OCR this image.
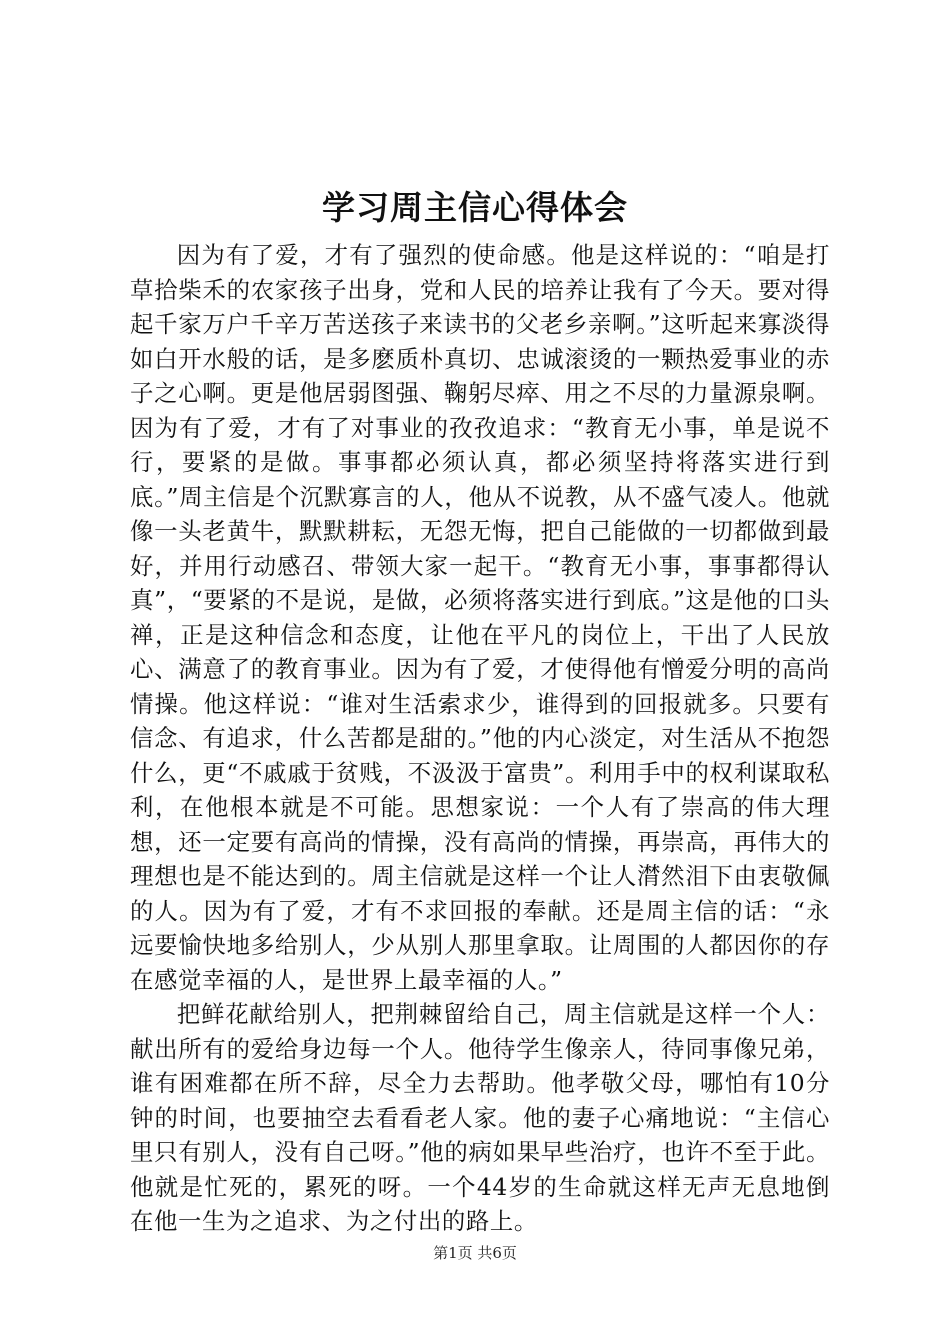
学习周主信心得体会

因为有了爱，才有了强烈的使命感。他是这样说的：“咱是打草拾柴禾的农家孩子出身，党和人民的培养让我有了今天。要对得起千家万户千辛万苦送孩子来读书的父老乡亲啊。”这听起来寡淡得如白开水般的话，是多麽质朴真切、忠诚滚烫的一颗热爱事业的赤子之心啊。更是他居弱图强、鞠躬尽瘁、用之不尽的力量源泉啊。因为有了爱，才有了对事业的孜孜追求：“教育无小事，单是说不行，要紧的是做。事事都必须认真，都必须坚持将落实进行到底。”周主信是个沉默寡言的人，他从不说教，从不盛气凌人。他就像一头老黄牛，默默耕耘，无怨无悔，把自己能做的一切都做到最好，并用行动感召、带领大家一起干。“教育无小事，事事都得认真”，“要紧的不是说，是做，必须将落实进行到底。”这是他的口头禅，正是这种信念和态度，让他在平凡的岗位上，干出了人民放心、满意了的教育事业。因为有了爱，才使得他有憎爱分明的高尚情操。他这样说：“谁对生活索求少，谁得到的回报就多。只要有信念、有追求，什么苦都是甜的。”他的内心淡定，对生活从不抱怨什么，更“不戚戚于贫贱，不汲汲于富贵”。利用手中的权利谋取私利，在他根本就是不可能。思想家说：一个人有了崇高的伟大理想，还一定要有高尚的情操，没有高尚的情操，再崇高，再伟大的理想也是不能达到的。周主信就是这样一个让人潸然泪下由衷敬佩的人。因为有了爱，才有不求回报的奉献。还是周主信的话：“永远要愉快地多给别人，少从别人那里拿取。让周围的人都因你的存在感觉幸福的人，是世界上最幸福的人。”

把鲜花献给别人，把荆棘留给自己，周主信就是这样一个人：献出所有的爱给身边每一个人。他待学生像亲人，待同事像兄弟，谁有困难都在所不辞，尽全力去帮助。他孝敬父母，哪怕有10分钟的时间，也要抽空去看看老人家。他的妻子心痛地说：“主信心里只有别人，没有自己呀。”他的病如果早些治疗，也许不至于此。他就是忙死的，累死的呀。一个44岁的生命就这样无声无息地倒在他一生为之追求、为之付出的路上。

第1页 共6页
